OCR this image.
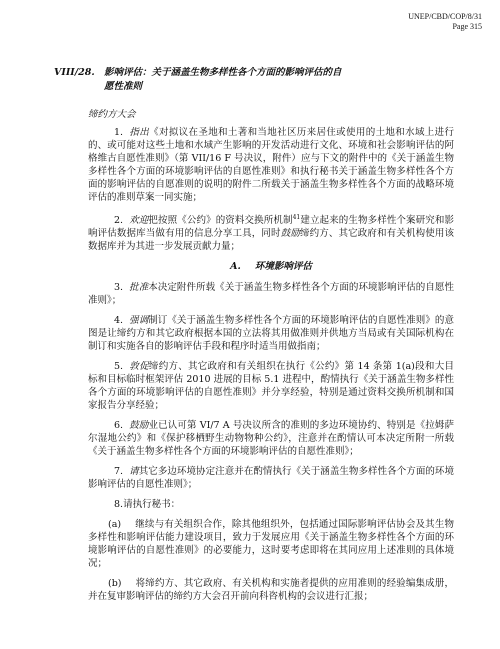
UNEP/CBD/COP/8/31
Page 315
VIII/28. 影响评估：关于涵盖生物多样性各个方面的影响评估的自
愿性准则
缔约方大会

1. 指出《对拟议在圣地和土著和当地社区历来居住或使用的土地和水域上进行的、或可能对这些土地和水域产生影响的开发活动进行文化、环境和社会影响评估的阿格维古自愿性准则》（第 VII/16 F 号决议，附件）应与下文的附件中的《关于涵盖生物多样性各个方面的环境影响评估的自愿性准则》和执行秘书关于涵盖生物多样性各个方面的影响评估的自愿准则的说明的附件二所载关于涵盖生物多样性各个方面的战略环境评估的准则草案一同实施；

2. 欢迎把按照《公约》的资料交换所机制$^{41}$建立起来的生物多样性个案研究和影响评估数据库当做有用的信息分享工具，同时鼓励缔约方、其它政府和有关机构使用该数据库并为其进一步发展贡献力量；

A. 环境影响评估

3. 批准本决定附件所载《关于涵盖生物多样性各个方面的环境影响评估的自愿性准则》；

4. 强调制订《关于涵盖生物多样性各个方面的环境影响评估的自愿性准则》的意图是让缔约方和其它政府根据本国的立法将其用做准则并供地方当局或有关国际机构在制订和实施各自的影响评估手段和程序时适当用做指南；

5. 敦促缔约方、其它政府和有关组织在执行《公约》第 14 条第 1(a)段和大目标和目标临时框架评估 2010 进展的目标 5.1 进程中，酌情执行《关于涵盖生物多样性各个方面的环境影响评估的自愿性准则》并分享经验，特别是通过资料交换所机制和国家报告分享经验；

6. 鼓励业已认可第 VI/7 A 号决议所含的准则的多边环境协约、特别是《拉姆萨尔湿地公约》和《保护移栖野生动物物种公约》，注意并在酌情认可本决定所附一所载《关于涵盖生物多样性各个方面的环境影响评估的自愿性准则》；

7. 请其它多边环境协定注意并在酌情执行《关于涵盖生物多样性各个方面的环境影响评估的自愿性准则》；

8.请执行秘书：

(a) 继续与有关组织合作，除其他组织外，包括通过国际影响评估协会及其生物多样性和影响评估能力建设项目，致力于发展应用《关于涵盖生物多样性各个方面的环境影响评估的自愿性准则》的必要能力，这时要考虑即将在其同应用上述准则的具体境况；

(b) 将缔约方、其它政府、有关机构和实施者提供的应用准则的经验编集成册，并在复审影响评估的缔约方大会召开前向科咨机构的会议进行汇报；
